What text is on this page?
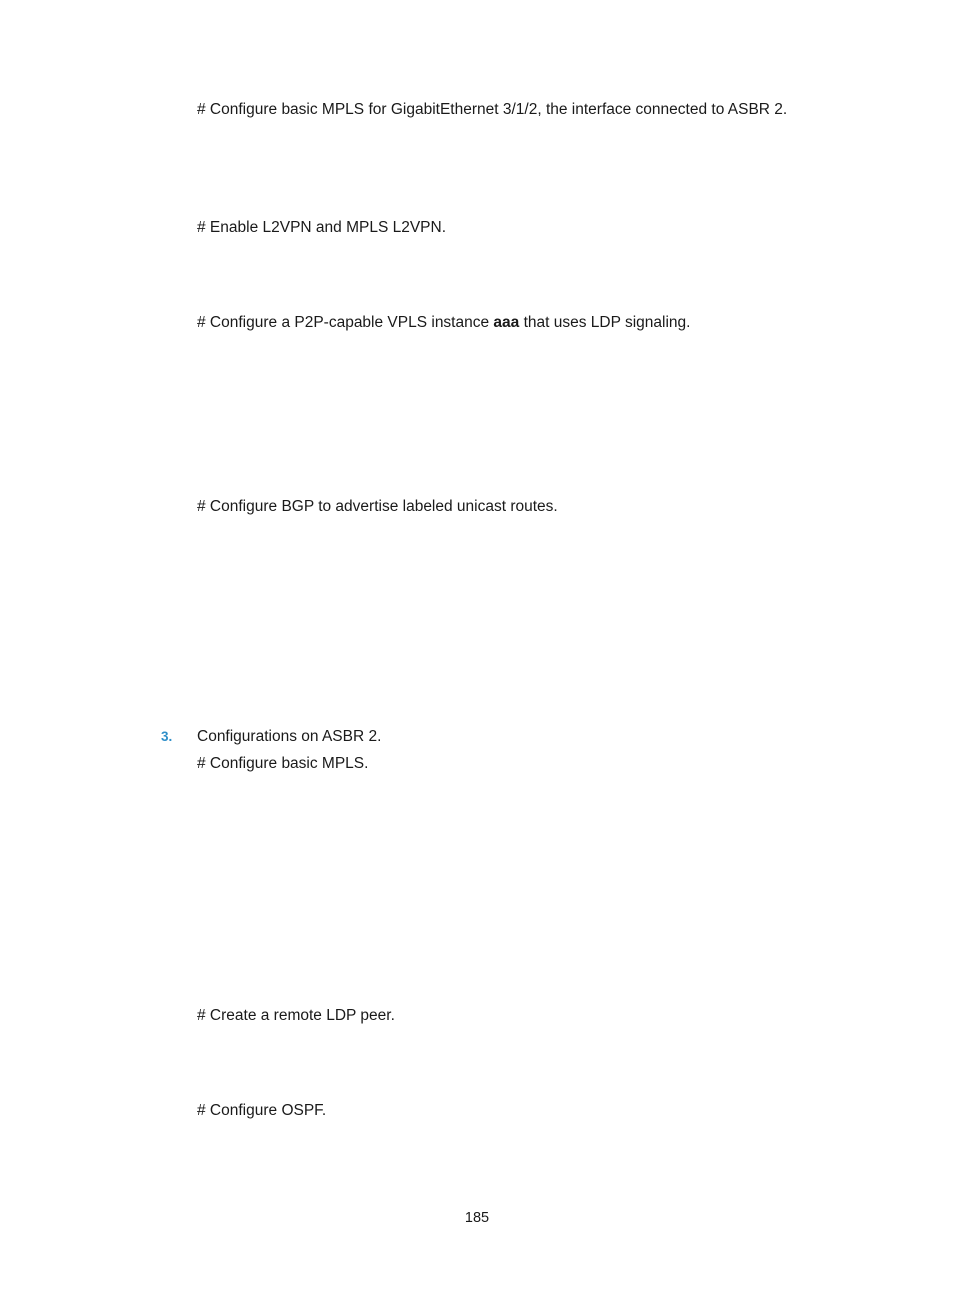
# Configure basic MPLS for GigabitEthernet 3/1/2, the interface connected to ASBR 2.
# Enable L2VPN and MPLS L2VPN.
# Configure a P2P-capable VPLS instance aaa that uses LDP signaling.
# Configure BGP to advertise labeled unicast routes.
3. Configurations on ASBR 2.
# Configure basic MPLS.
# Create a remote LDP peer.
# Configure OSPF.
185
